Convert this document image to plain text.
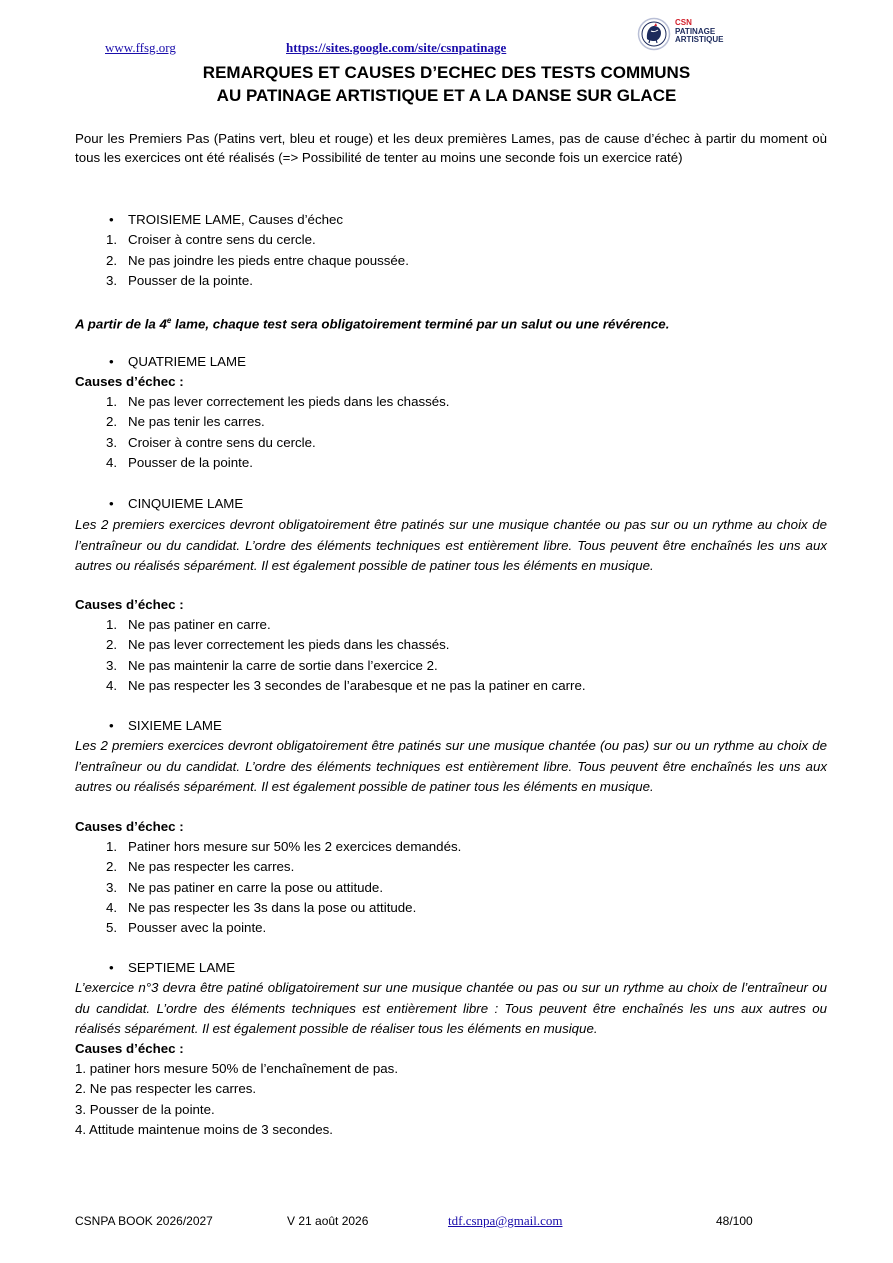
www.ffsg.org	https://sites.google.com/site/csnpatinage
CSN
PATINAGE
ARTISTIQUE
REMARQUES ET CAUSES D’ECHEC DES TESTS COMMUNS
AU PATINAGE ARTISTIQUE ET A LA DANSE SUR GLACE
Pour les Premiers Pas (Patins vert, bleu et rouge) et les deux premières Lames, pas de cause d’échec à partir du moment où tous les exercices ont été réalisés (=> Possibilité de tenter au moins une seconde fois un exercice raté)
• TROISIEME LAME, Causes d’échec
1. Croiser à contre sens du cercle.
2. Ne pas joindre les pieds entre chaque poussée.
3. Pousser de la pointe.
A partir de la 4e lame, chaque test sera obligatoirement terminé par un salut ou une révérence.
• QUATRIEME LAME
Causes d’échec :
1. Ne pas lever correctement les pieds dans les chassés.
2. Ne pas tenir les carres.
3. Croiser à contre sens du cercle.
4. Pousser de la pointe.
• CINQUIEME LAME
Les 2 premiers exercices devront obligatoirement être patinés sur une musique chantée ou pas sur ou un rythme au choix de l’entraîneur ou du candidat. L’ordre des éléments techniques est entièrement libre. Tous peuvent être enchaînés les uns aux autres ou réalisés séparément. Il est également possible de patiner tous les éléments en musique.
Causes d’échec :
1. Ne pas patiner en carre.
2. Ne pas lever correctement les pieds dans les chassés.
3. Ne pas maintenir la carre de sortie dans l’exercice 2.
4. Ne pas respecter les 3 secondes de l’arabesque et ne pas la patiner en carre.
• SIXIEME LAME
Les 2 premiers exercices devront obligatoirement être patinés sur une musique chantée (ou pas) sur ou un rythme au choix de l’entraîneur ou du candidat. L’ordre des éléments techniques est entièrement libre. Tous peuvent être enchaînés les uns aux autres ou réalisés séparément. Il est également possible de patiner tous les éléments en musique.
Causes d’échec :
1. Patiner hors mesure sur 50% les 2 exercices demandés.
2. Ne pas respecter les carres.
3. Ne pas patiner en carre la pose ou attitude.
4. Ne pas respecter les 3s dans la pose ou attitude.
5. Pousser avec la pointe.
• SEPTIEME LAME
L’exercice n°3 devra être patiné obligatoirement sur une musique chantée ou pas ou sur un rythme au choix de l’entraîneur ou du candidat. L’ordre des éléments techniques est entièrement libre : Tous peuvent être enchaînés les uns aux autres ou réalisés séparément. Il est également possible de réaliser tous les éléments en musique.
Causes d’échec :
1. patiner hors mesure 50% de l’enchaînement de pas.
2. Ne pas respecter les carres.
3. Pousser de la pointe.
4. Attitude maintenue moins de 3 secondes.
CSNPA BOOK 2026/2027	V 21 août 2026	tdf.csnpa@gmail.com	48/100
